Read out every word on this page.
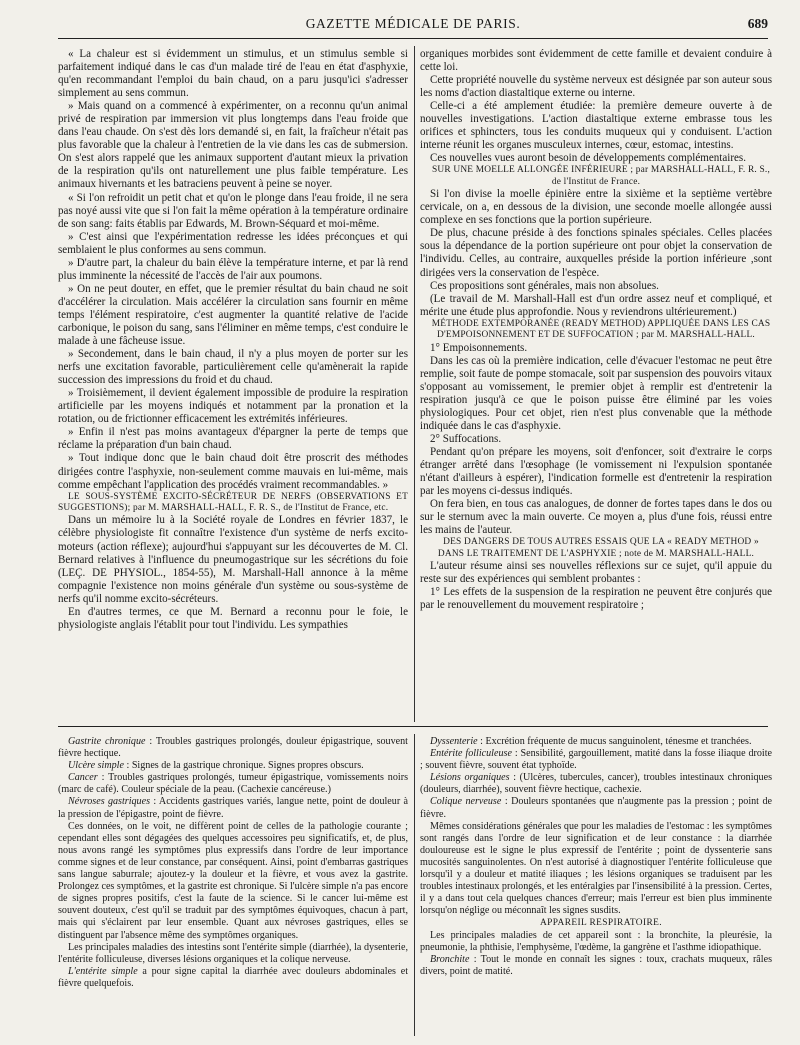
GAZETTE MÉDICALE DE PARIS.	689

« La chaleur est si évidemment un stimulus, et un stimulus semble si parfaitement indiqué dans le cas d'un malade tiré de l'eau en état d'asphyxie, qu'en recommandant l'emploi du bain chaud, on a paru jusqu'ici s'adresser simplement au sens commun.

» Mais quand on a commencé à expérimenter, on a reconnu qu'un animal privé de respiration par immersion vit plus longtemps dans l'eau froide que dans l'eau chaude. On s'est dès lors demandé si, en fait, la fraîcheur n'était pas plus favorable que la chaleur à l'entretien de la vie dans les cas de submersion. On s'est alors rappelé que les animaux supportent d'autant mieux la privation de la respiration qu'ils ont naturellement une plus faible température. Les animaux hivernants et les batraciens peuvent à peine se noyer.

« Si l'on refroidit un petit chat et qu'on le plonge dans l'eau froide, il ne sera pas noyé aussi vite que si l'on fait la même opération à la température ordinaire de son sang: faits établis par Edwards, M. Brown-Séquard et moi-même.

» C'est ainsi que l'expérimentation redresse les idées préconçues et qui semblaient le plus conformes au sens commun.

» D'autre part, la chaleur du bain élève la température interne, et par là rend plus imminente la nécessité de l'accès de l'air aux poumons.

» On ne peut douter, en effet, que le premier résultat du bain chaud ne soit d'accélérer la circulation. Mais accélérer la circulation sans fournir en même temps l'élément respiratoire, c'est augmenter la quantité relative de l'acide carbonique, le poison du sang, sans l'éliminer en même temps, c'est conduire le malade à une fâcheuse issue.

» Secondement, dans le bain chaud, il n'y a plus moyen de porter sur les nerfs une excitation favorable, particulièrement celle qu'amènerait la rapide succession des impressions du froid et du chaud.

» Troisièmement, il devient également impossible de produire la respiration artificielle par les moyens indiqués et notamment par la pronation et la rotation, ou de frictionner efficacement les extrémités inférieures.

» Enfin il n'est pas moins avantageux d'épargner la perte de temps que réclame la préparation d'un bain chaud.

» Tout indique donc que le bain chaud doit être proscrit des méthodes dirigées contre l'asphyxie, non-seulement comme mauvais en lui-même, mais comme empêchant l'application des procédés vraiment recommandables. »

LE SOUS-SYSTÈME EXCITO-SÉCRÉTEUR DE NERFS (OBSERVATIONS ET SUGGESTIONS); par M. MARSHALL-HALL, F. R. S., de l'Institut de France, etc.

Dans un mémoire lu à la Société royale de Londres en février 1837, le célèbre physiologiste fit connaître l'existence d'un système de nerfs excito-moteurs (action réflexe); aujourd'hui s'appuyant sur les découvertes de M. Cl. Bernard relatives à l'influence du pneumogastrique sur les sécrétions du foie (LEÇ. DE PHYSIOL., 1854-55), M. Marshall-Hall annonce à la même compagnie l'existence non moins générale d'un système ou sous-système de nerfs qu'il nomme excito-sécréteurs.

En d'autres termes, ce que M. Bernard a reconnu pour le foie, le physiologiste anglais l'établit pour tout l'individu. Les sympathies

organiques morbides sont évidemment de cette famille et devaient conduire à cette loi.

Cette propriété nouvelle du système nerveux est désignée par son auteur sous les noms d'action diastaltique externe ou interne.

Celle-ci a été amplement étudiée: la première demeure ouverte à de nouvelles investigations. L'action diastaltique externe embrasse tous les orifices et sphincters, tous les conduits muqueux qui y conduisent. L'action interne réunit les organes musculeux internes, cœur, estomac, intestins.

Ces nouvelles vues auront besoin de développements complémentaires.

SUR UNE MOELLE ALLONGÉE INFÉRIEURE ; par MARSHALL-HALL, F. R. S., de l'Institut de France.

Si l'on divise la moelle épinière entre la sixième et la septième vertèbre cervicale, on a, en dessous de la division, une seconde moelle allongée aussi complexe en ses fonctions que la portion supérieure.

De plus, chacune préside à des fonctions spinales spéciales. Celles placées sous la dépendance de la portion supérieure ont pour objet la conservation de l'individu. Celles, au contraire, auxquelles préside la portion inférieure ,sont dirigées vers la conservation de l'espèce.

Ces propositions sont générales, mais non absolues.

(Le travail de M. Marshall-Hall est d'un ordre assez neuf et compliqué, et mérite une étude plus approfondie. Nous y reviendrons ultérieurement.)

MÉTHODE EXTEMPORANÉE (READY METHOD) APPLIQUÉE DANS LES CAS D'EMPOISONNEMENT ET DE SUFFOCATION ; par M. MARSHALL-HALL.

1° Empoisonnements.

Dans les cas où la première indication, celle d'évacuer l'estomac ne peut être remplie, soit faute de pompe stomacale, soit par suspension des pouvoirs vitaux s'opposant au vomissement, le premier objet à remplir est d'entretenir la respiration jusqu'à ce que le poison puisse être éliminé par les voies physiologiques. Pour cet objet, rien n'est plus convenable que la méthode indiquée dans le cas d'asphyxie.

2° Suffocations.

Pendant qu'on prépare les moyens, soit d'enfoncer, soit d'extraire le corps étranger arrêté dans l'œsophage (le vomissement ni l'expulsion spontanée n'étant d'ailleurs à espérer), l'indication formelle est d'entretenir la respiration par les moyens ci-dessus indiqués.

On fera bien, en tous cas analogues, de donner de fortes tapes dans le dos ou sur le sternum avec la main ouverte. Ce moyen a, plus d'une fois, réussi entre les mains de l'auteur.

DES DANGERS DE TOUS AUTRES ESSAIS QUE LA « READY METHOD » DANS LE TRAITEMENT DE L'ASPHYXIE ; note de M. MARSHALL-HALL.

L'auteur résume ainsi ses nouvelles réflexions sur ce sujet, qu'il appuie du reste sur des expériences qui semblent probantes :

1° Les effets de la suspension de la respiration ne peuvent être conjurés que par le renouvellement du mouvement respiratoire ;

Gastrite chronique : Troubles gastriques prolongés, douleur épigastrique, souvent fièvre hectique.

Ulcère simple : Signes de la gastrique chronique. Signes propres obscurs.

Cancer : Troubles gastriques prolongés, tumeur épigastrique, vomissements noirs (marc de café). Couleur spéciale de la peau. (Cachexie cancéreuse.)

Névroses gastriques : Accidents gastriques variés, langue nette, point de douleur à la pression de l'épigastre, point de fièvre.

Ces données, on le voit, ne diffèrent point de celles de la pathologie courante ; cependant elles sont dégagées des quelques accessoires peu significatifs, et, de plus, nous avons rangé les symptômes plus expressifs dans l'ordre de leur importance comme signes et de leur constance, par conséquent. Ainsi, point d'embarras gastriques sans langue saburrale; ajoutez-y la douleur et la fièvre, et vous avez la gastrite. Prolongez ces symptômes, et la gastrite est chronique. Si l'ulcère simple n'a pas encore de signes propres positifs, c'est la faute de la science. Si le cancer lui-même est souvent douteux, c'est qu'il se traduit par des symptômes équivoques, chacun à part, mais qui s'éclairent par leur ensemble. Quant aux névroses gastriques, elles se distinguent par l'absence même des symptômes organiques.

Les principales maladies des intestins sont l'entérite simple (diarrhée), la dysenterie, l'entérite folliculeuse, diverses lésions organiques et la colique nerveuse.

L'entérite simple a pour signe capital la diarrhée avec douleurs abdominales et fièvre quelquefois.

Dyssenterie : Excrétion fréquente de mucus sanguinolent, ténesme et tranchées.

Entérite folliculeuse : Sensibilité, gargouillement, matité dans la fosse iliaque droite ; souvent fièvre, souvent état typhoïde.

Lésions organiques : (Ulcères, tubercules, cancer), troubles intestinaux chroniques (douleurs, diarrhée), souvent fièvre hectique, cachexie.

Colique nerveuse : Douleurs spontanées que n'augmente pas la pression ; point de fièvre.

Mêmes considérations générales que pour les maladies de l'estomac : les symptômes sont rangés dans l'ordre de leur signification et de leur constance : la diarrhée douloureuse est le signe le plus expressif de l'entérite ; point de dyssenterie sans mucosités sanguinolentes. On n'est autorisé à diagnostiquer l'entérite folliculeuse que lorsqu'il y a douleur et matité iliaques ; les lésions organiques se traduisent par les troubles intestinaux prolongés, et les entéralgies par l'insensibilité à la pression. Certes, il y a dans tout cela quelques chances d'erreur; mais l'erreur est bien plus imminente lorsqu'on néglige ou méconnaît les signes susdits.

APPAREIL RESPIRATOIRE.

Les principales maladies de cet appareil sont : la bronchite, la pleurésie, la pneumonie, la phthisie, l'emphysème, l'œdème, la gangrène et l'asthme idiopathique.

Bronchite : Tout le monde en connaît les signes : toux, crachats muqueux, râles divers, point de matité.
